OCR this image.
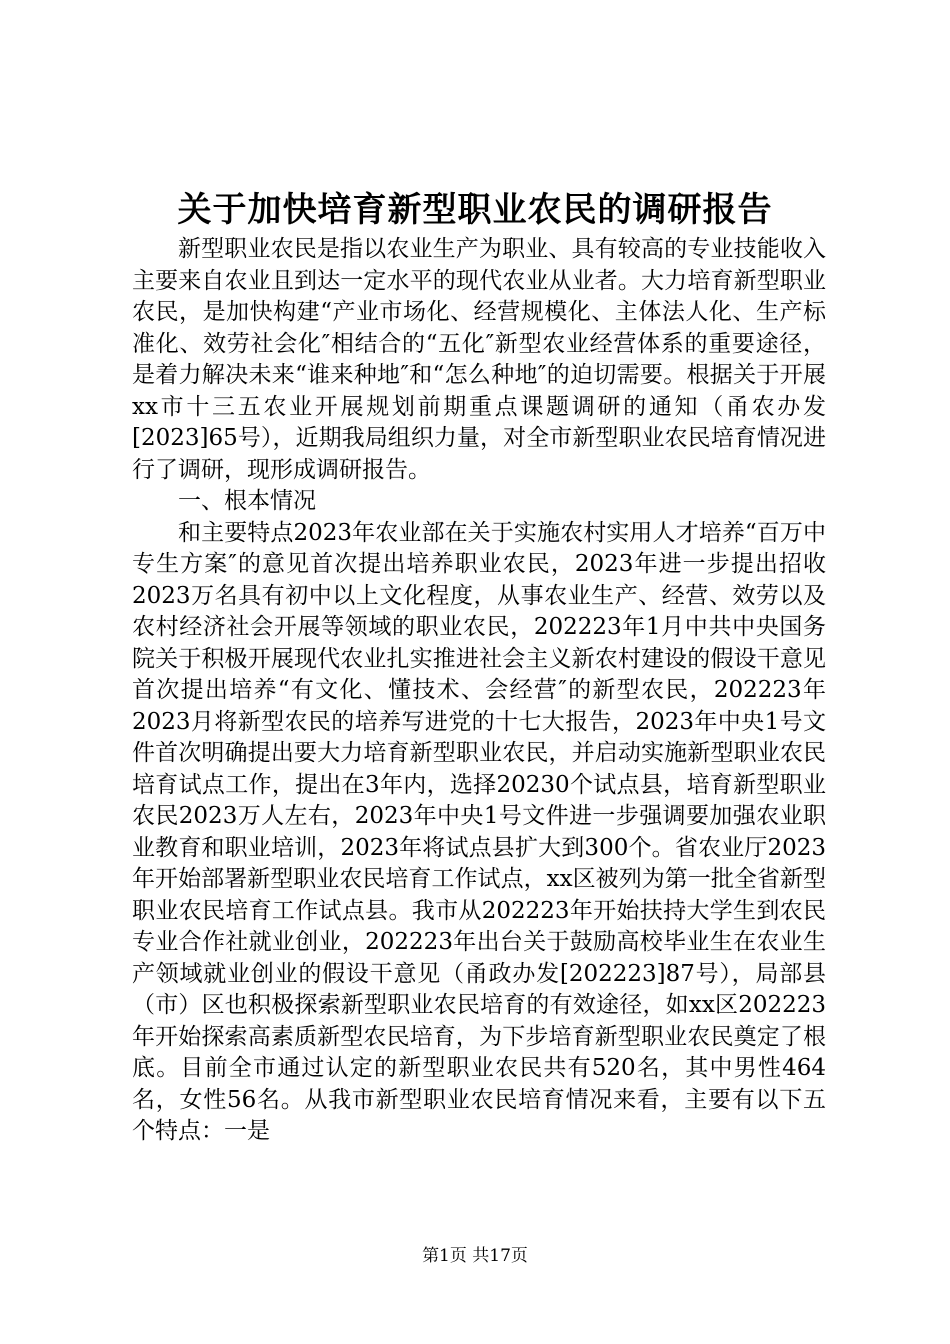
关于加快培育新型职业农民的调研报告

新型职业农民是指以农业生产为职业、具有较高的专业技能收入主要来自农业且到达一定水平的现代农业从业者。大力培育新型职业农民，是加快构建“产业市场化、经营规模化、主体法人化、生产标准化、效劳社会化″相结合的“五化″新型农业经营体系的重要途径，是着力解决未来“谁来种地″和“怎么种地″的迫切需要。根据关于开展xx市十三五农业开展规划前期重点课题调研的通知（甬农办发[2023]65号），近期我局组织力量，对全市新型职业农民培育情况进行了调研，现形成调研报告。

一、根本情况

和主要特点2023年农业部在关于实施农村实用人才培养“百万中专生方案″的意见首次提出培养职业农民，2023年进一步提出招收2023万名具有初中以上文化程度，从事农业生产、经营、效劳以及农村经济社会开展等领域的职业农民，202223年1月中共中央国务院关于积极开展现代农业扎实推进社会主义新农村建设的假设干意见首次提出培养“有文化、懂技术、会经营″的新型农民，202223年2023月将新型农民的培养写进党的十七大报告，2023年中央1号文件首次明确提出要大力培育新型职业农民，并启动实施新型职业农民培育试点工作，提出在3年内，选择20230个试点县，培育新型职业农民2023万人左右，2023年中央1号文件进一步强调要加强农业职业教育和职业培训，2023年将试点县扩大到300个。省农业厅2023年开始部署新型职业农民培育工作试点，xx区被列为第一批全省新型职业农民培育工作试点县。我市从202223年开始扶持大学生到农民专业合作社就业创业，202223年出台关于鼓励高校毕业生在农业生产领域就业创业的假设干意见（甬政办发[202223]87号），局部县（市）区也积极探索新型职业农民培育的有效途径，如xx区202223年开始探索高素质新型农民培育，为下步培育新型职业农民奠定了根底。目前全市通过认定的新型职业农民共有520名，其中男性464名，女性56名。从我市新型职业农民培育情况来看，主要有以下五个特点：一是

第1页 共17页
